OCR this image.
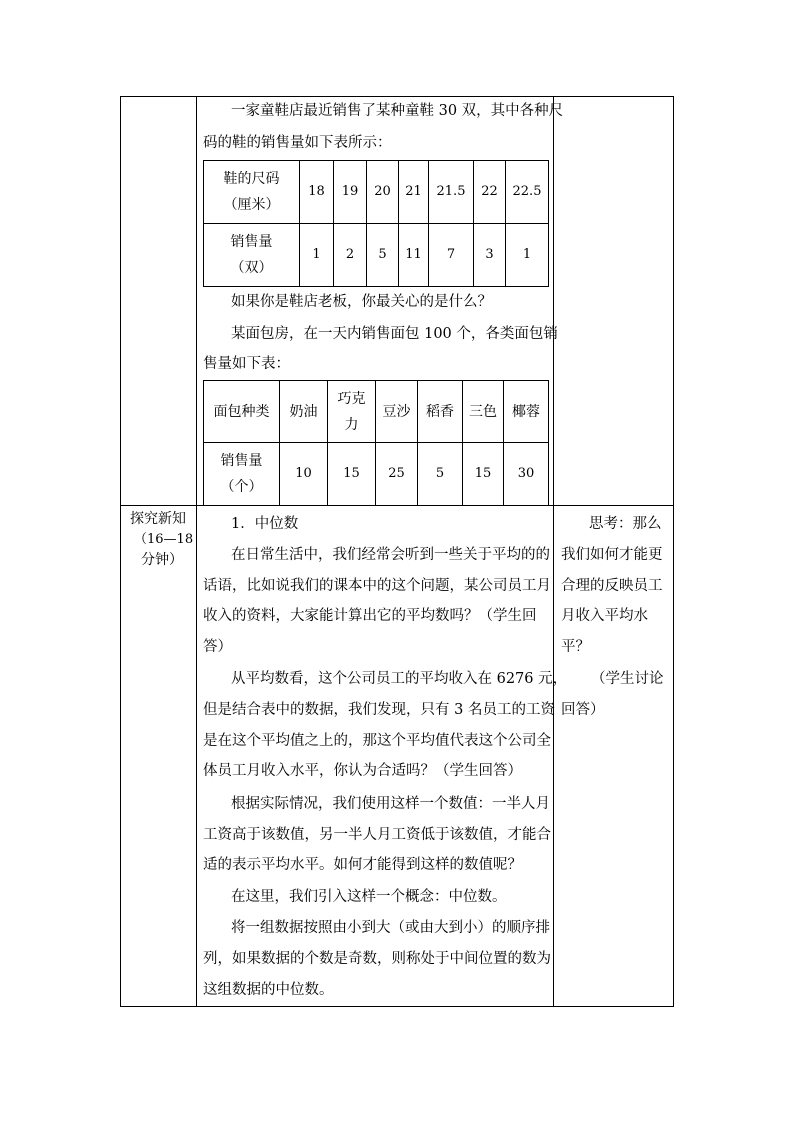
一家童鞋店最近销售了某种童鞋 30 双，其中各种尺
码的鞋的销售量如下表所示：
鞋的尺码
（厘米）	18	19	20	21	21.5	22	22.5

销售量
（双）	1	2	5	11	7	3	1
如果你是鞋店老板，你最关心的是什么？
某面包房，在一天内销售面包 100 个，各类面包销
售量如下表：
面包种类	奶油	巧克力	豆沙	稻香	三色	椰蓉

销售量
（个）	10	15	25	5	15	30
探究新知
（16—18
分钟）
1．中位数
在日常生活中，我们经常会听到一些关于平均的的
话语，比如说我们的课本中的这个问题，某公司员工月
收入的资料，大家能计算出它的平均数吗？（学生回
答）
从平均数看，这个公司员工的平均收入在 6276 元，
但是结合表中的数据，我们发现，只有 3 名员工的工资
是在这个平均值之上的，那这个平均值代表这个公司全
体员工月收入水平，你认为合适吗？（学生回答）
根据实际情况，我们使用这样一个数值：一半人月
工资高于该数值，另一半人月工资低于该数值，才能合
适的表示平均水平。如何才能得到这样的数值呢？
在这里，我们引入这样一个概念：中位数。
将一组数据按照由小到大（或由大到小）的顺序排
列，如果数据的个数是奇数，则称处于中间位置的数为
这组数据的中位数。
思考：那么
我们如何才能更
合理的反映员工
月收入平均水
平？
（学生讨论
回答）
